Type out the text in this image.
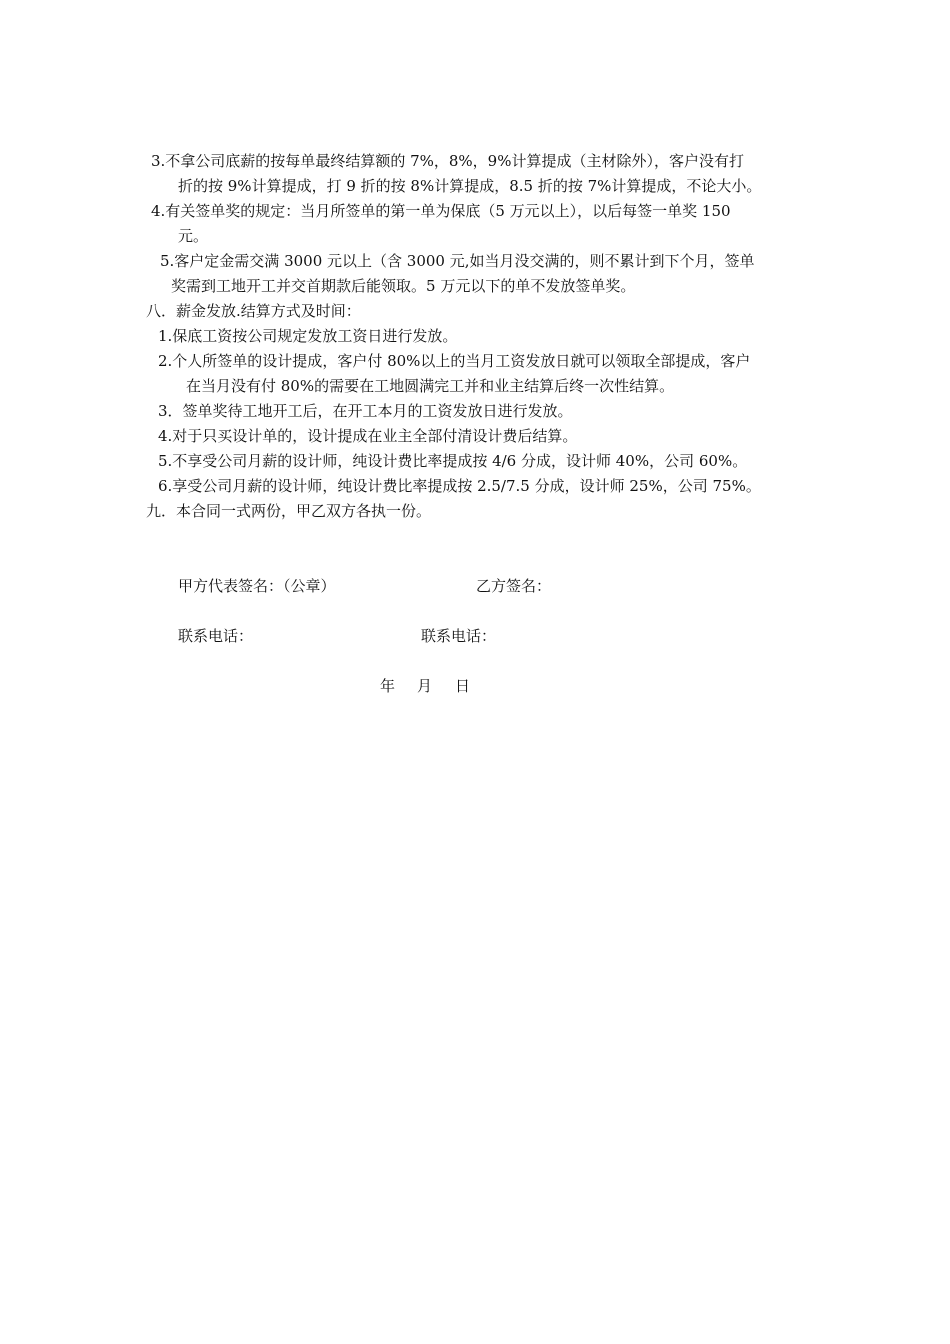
3.不拿公司底薪的按每单最终结算额的 7%，8%，9%计算提成（主材除外），客户没有打
折的按 9%计算提成，打 9 折的按 8%计算提成，8.5 折的按 7%计算提成，不论大小。
4.有关签单奖的规定：当月所签单的第一单为保底（5 万元以上），以后每签一单奖 150
元。
5.客户定金需交满 3000 元以上（含 3000 元,如当月没交满的，则不累计到下个月，签单
奖需到工地开工并交首期款后能领取。5 万元以下的单不发放签单奖。
八．薪金发放.结算方式及时间：
1.保底工资按公司规定发放工资日进行发放。
2.个人所签单的设计提成，客户付 80%以上的当月工资发放日就可以领取全部提成，客户
在当月没有付 80%的需要在工地圆满完工并和业主结算后终一次性结算。
3．签单奖待工地开工后，在开工本月的工资发放日进行发放。
4.对于只买设计单的，设计提成在业主全部付清设计费后结算。
5.不享受公司月薪的设计师，纯设计费比率提成按 4/6 分成，设计师 40%，公司 60%。
6.享受公司月薪的设计师，纯设计费比率提成按 2.5/7.5 分成，设计师 25%，公司 75%。
九．本合同一式两份，甲乙双方各执一份。
甲方代表签名：（公章）	乙方签名：
联系电话：	联系电话：
年 月 日
